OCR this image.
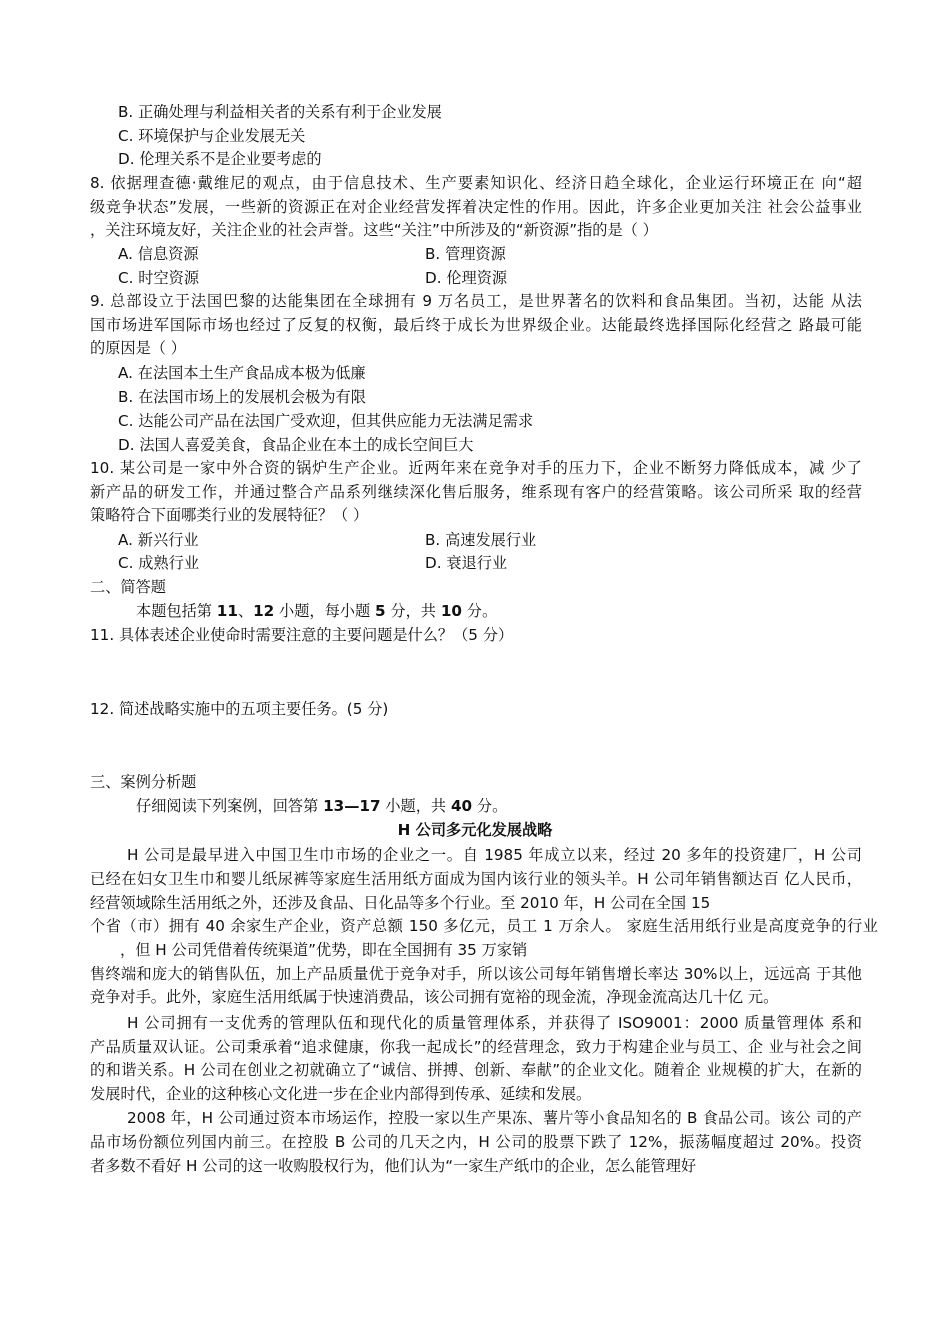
B. 正确处理与利益相关者的关系有利于企业发展
C. 环境保护与企业发展无关
D. 伦理关系不是企业要考虑的
8. 依据理查德·戴维尼的观点，由于信息技术、生产要素知识化、经济日趋全球化，企业运行环境正在 向“超
级竞争状态”发展，一些新的资源正在对企业经营发挥着决定性的作用。因此，许多企业更加关注 社会公益事业
，关注环境友好，关注企业的社会声誉。这些“关注”中所涉及的“新资源”指的是（ ）
A. 信息资源	B. 管理资源
C. 时空资源	D. 伦理资源
9. 总部设立于法国巴黎的达能集团在全球拥有 9 万名员工，是世界著名的饮料和食品集团。当初，达能 从法
国市场进军国际市场也经过了反复的权衡，最后终于成长为世界级企业。达能最终选择国际化经营之 路最可能
的原因是（ ）
A. 在法国本土生产食品成本极为低廉
B. 在法国市场上的发展机会极为有限
C. 达能公司产品在法国广受欢迎，但其供应能力无法满足需求
D. 法国人喜爱美食，食品企业在本土的成长空间巨大
10. 某公司是一家中外合资的锅炉生产企业。近两年来在竞争对手的压力下，企业不断努力降低成本，减 少了
新产品的研发工作，并通过整合产品系列继续深化售后服务，维系现有客户的经营策略。该公司所采 取的经营
策略符合下面哪类行业的发展特征？（ ）
A. 新兴行业	B. 高速发展行业
C. 成熟行业	D. 衰退行业
二、简答题
本题包括第 11、12 小题，每小题 5 分，共 10 分。
11. 具体表述企业使命时需要注意的主要问题是什么？（5 分）
12. 简述战略实施中的五项主要任务。(5 分)
三、案例分析题
仔细阅读下列案例，回答第 13—17 小题，共 40 分。
H 公司多元化发展战略
H 公司是最早进入中国卫生巾市场的企业之一。自 1985 年成立以来，经过 20 多年的投资建厂，H 公司
已经在妇女卫生巾和婴儿纸尿裤等家庭生活用纸方面成为国内该行业的领头羊。H 公司年销售额达百 亿人民币，
经营领域除生活用纸之外，还涉及食品、日化品等多个行业。至 2010 年，H 公司在全国 15
个省（市）拥有 40 余家生产企业，资产总额 150 多亿元，员工 1 万余人。 家庭生活用纸行业是高度竞争的行业
，但 H 公司凭借着传统渠道”优势，即在全国拥有 35 万家销
售终端和庞大的销售队伍，加上产品质量优于竞争对手，所以该公司每年销售增长率达 30%以上，远远高 于其他
竞争对手。此外，家庭生活用纸属于快速消费品，该公司拥有宽裕的现金流，净现金流高达几十亿 元。
H 公司拥有一支优秀的管理队伍和现代化的质量管理体系，并获得了 ISO9001：2000 质量管理体 系和
产品质量双认证。公司秉承着“追求健康，你我一起成长”的经营理念，致力于构建企业与员工、企 业与社会之间
的和谐关系。H 公司在创业之初就确立了“诚信、拼搏、创新、奉献”的企业文化。随着企 业规模的扩大，在新的
发展时代，企业的这种核心文化进一步在企业内部得到传承、延续和发展。
2008 年，H 公司通过资本市场运作，控股一家以生产果冻、薯片等小食品知名的 B 食品公司。该公 司的产
品市场份额位列国内前三。在控股 B 公司的几天之内，H 公司的股票下跌了 12%，振荡幅度超过 20%。投资
者多数不看好 H 公司的这一收购股权行为，他们认为“一家生产纸巾的企业，怎么能管理好
